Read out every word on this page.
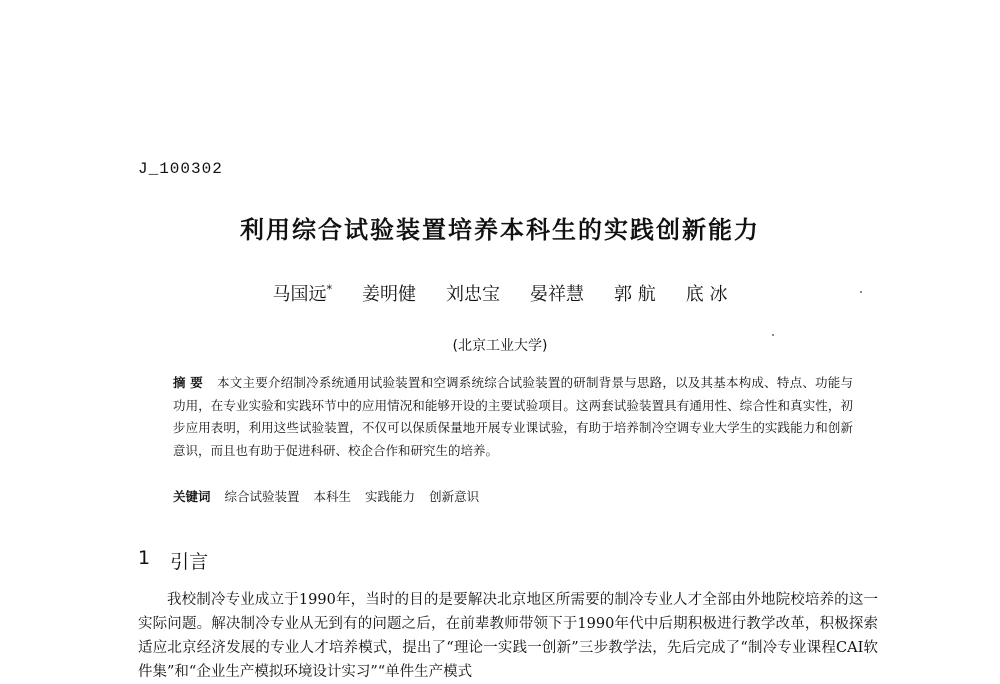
J_100302
利用综合试验装置培养本科生的实践创新能力
马国远* 姜明健 刘忠宝 晏祥慧 郭 航 底 冰
(北京工业大学)
摘 要 本文主要介绍制冷系统通用试验装置和空调系统综合试验装置的研制背景与思路，以及其基本构成、特点、功能与功用，在专业实验和实践环节中的应用情况和能够开设的主要试验项目。这两套试验装置具有通用性、综合性和真实性，初步应用表明，利用这些试验装置，不仅可以保质保量地开展专业课试验，有助于培养制冷空调专业大学生的实践能力和创新意识，而且也有助于促进科研、校企合作和研究生的培养。
关键词 综合试验装置 本科生 实践能力 创新意识
1 引言
我校制冷专业成立于1990年，当时的目的是要解决北京地区所需要的制冷专业人才全部由外地院校培养的这一实际问题。解决制冷专业从无到有的问题之后，在前辈教师带领下于1990年代中后期积极进行教学改革，积极探索适应北京经济发展的专业人才培养模式，提出了“理论一实践一创新”三步教学法，先后完成了“制冷专业课程CAI软件集”和“企业生产模拟环境设计实习”“单件生产模式
